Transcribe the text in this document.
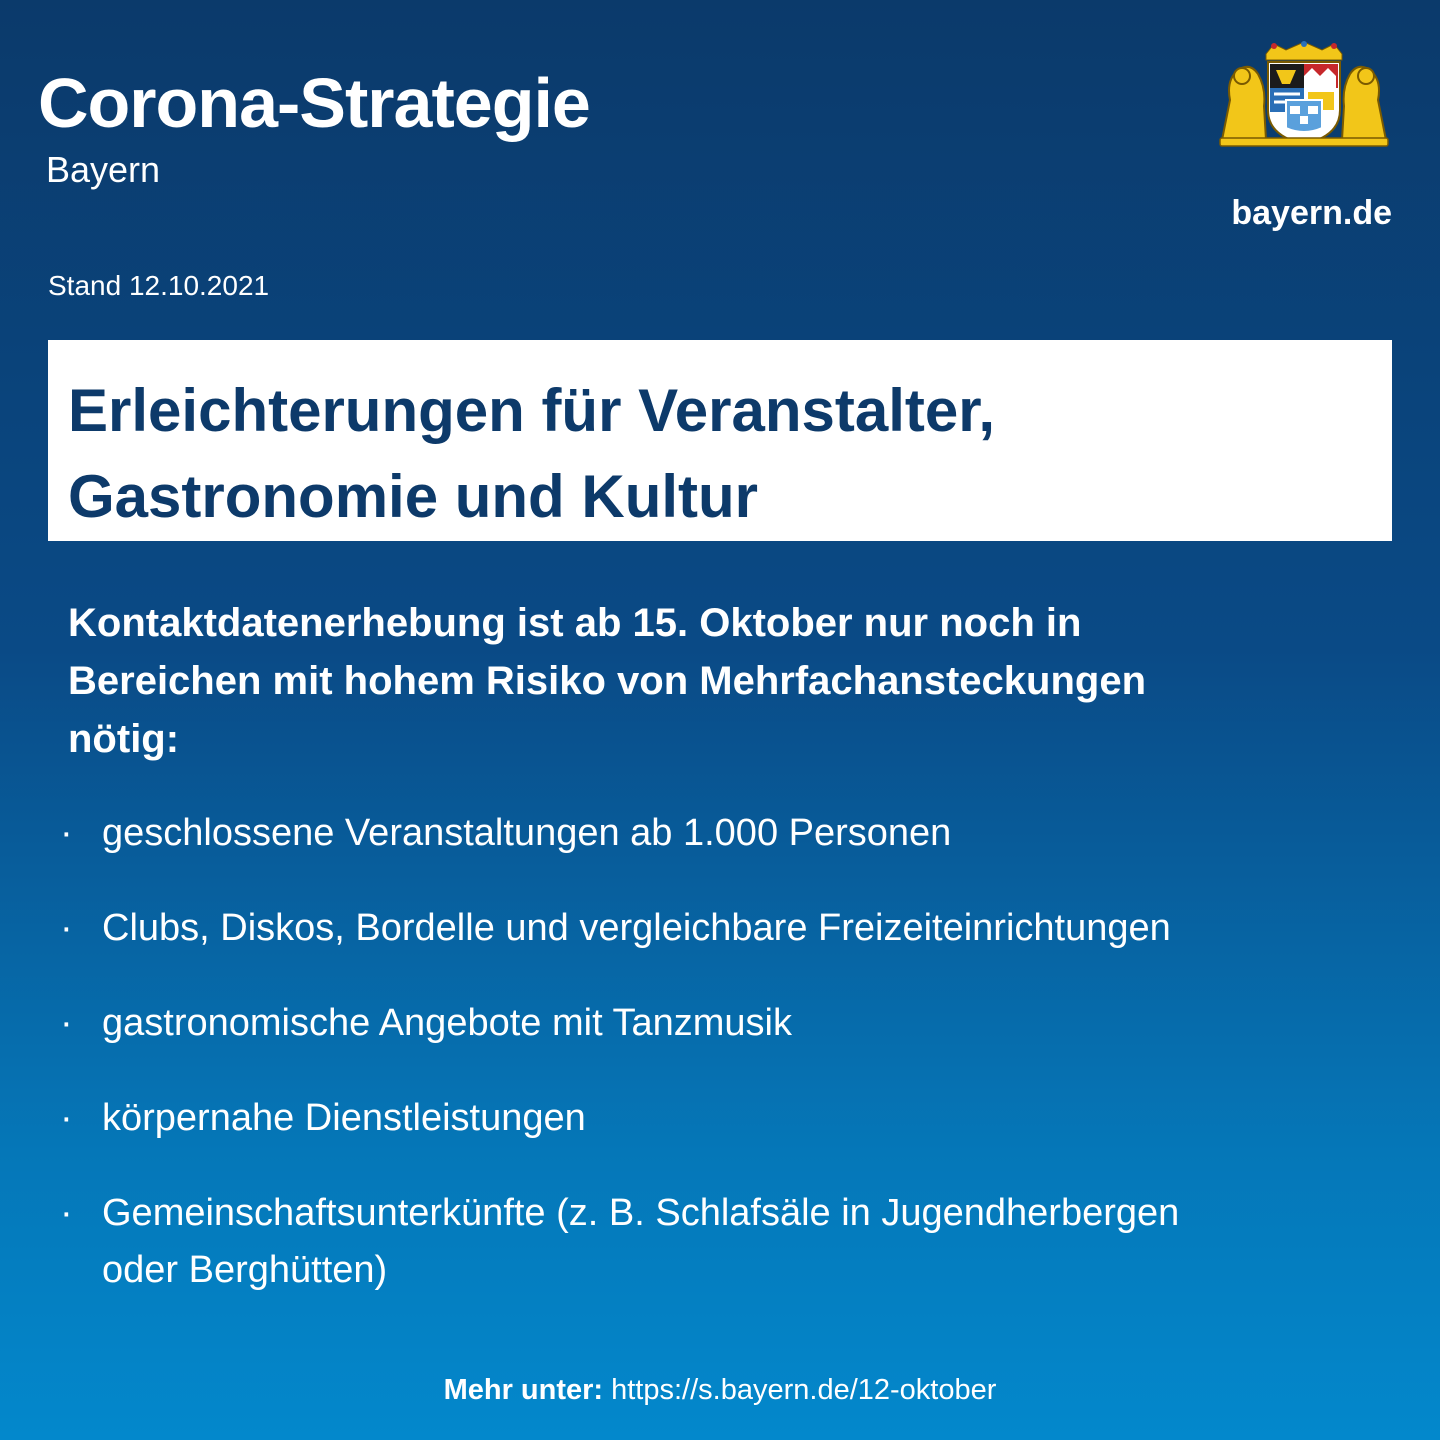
Corona-Strategie
Bayern
bayern.de
Stand 12.10.2021
Erleichterungen für Veranstalter,
Gastronomie und Kultur
Kontaktdatenerhebung ist ab 15. Oktober nur noch in
Bereichen mit hohem Risiko von Mehrfachansteckungen
nötig:
· geschlossene Veranstaltungen ab 1.000 Personen
· Clubs, Diskos, Bordelle und vergleichbare Freizeiteinrichtungen
· gastronomische Angebote mit Tanzmusik
· körpernahe Dienstleistungen
· Gemeinschaftsunterkünfte (z. B. Schlafsäle in Jugendherbergen
oder Berghütten)
Mehr unter: https://s.bayern.de/12-oktober
